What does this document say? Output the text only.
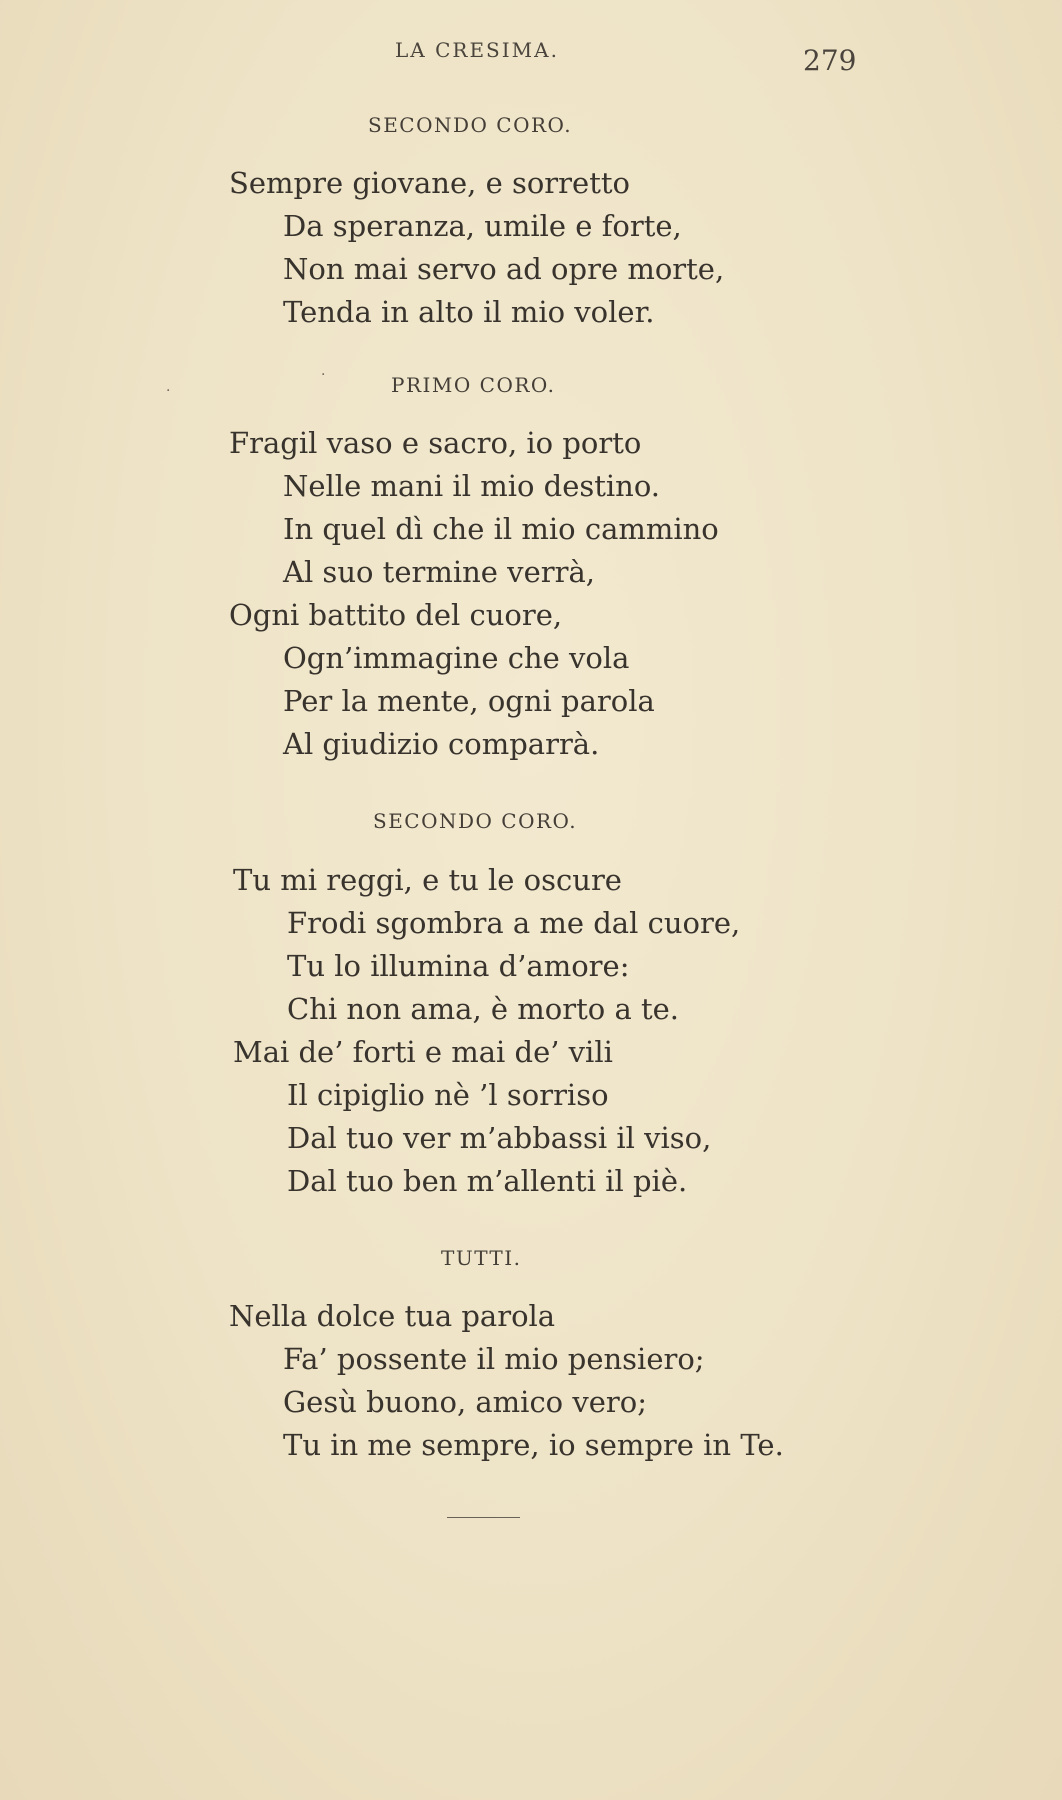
LA CRESIMA.	279
SECONDO CORO.
Sempre giovane, e sorretto
Da speranza, umile e forte,
Non mai servo ad opre morte,
Tenda in alto il mio voler.
PRIMO CORO.
Fragil vaso e sacro, io porto
Nelle mani il mio destino.
In quel dì che il mio cammino
Al suo termine verrà,
Ogni battito del cuore,
Ogn’immagine che vola
Per la mente, ogni parola
Al giudizio comparrà.
SECONDO CORO.
Tu mi reggi, e tu le oscure
Frodi sgombra a me dal cuore,
Tu lo illumina d’amore:
Chi non ama, è morto a te.
Mai de’ forti e mai de’ vili
Il cipiglio nè ’l sorriso
Dal tuo ver m’abbassi il viso,
Dal tuo ben m’allenti il piè.
TUTTI.
Nella dolce tua parola
Fa’ possente il mio pensiero;
Gesù buono, amico vero;
Tu in me sempre, io sempre in Te.
·
·
